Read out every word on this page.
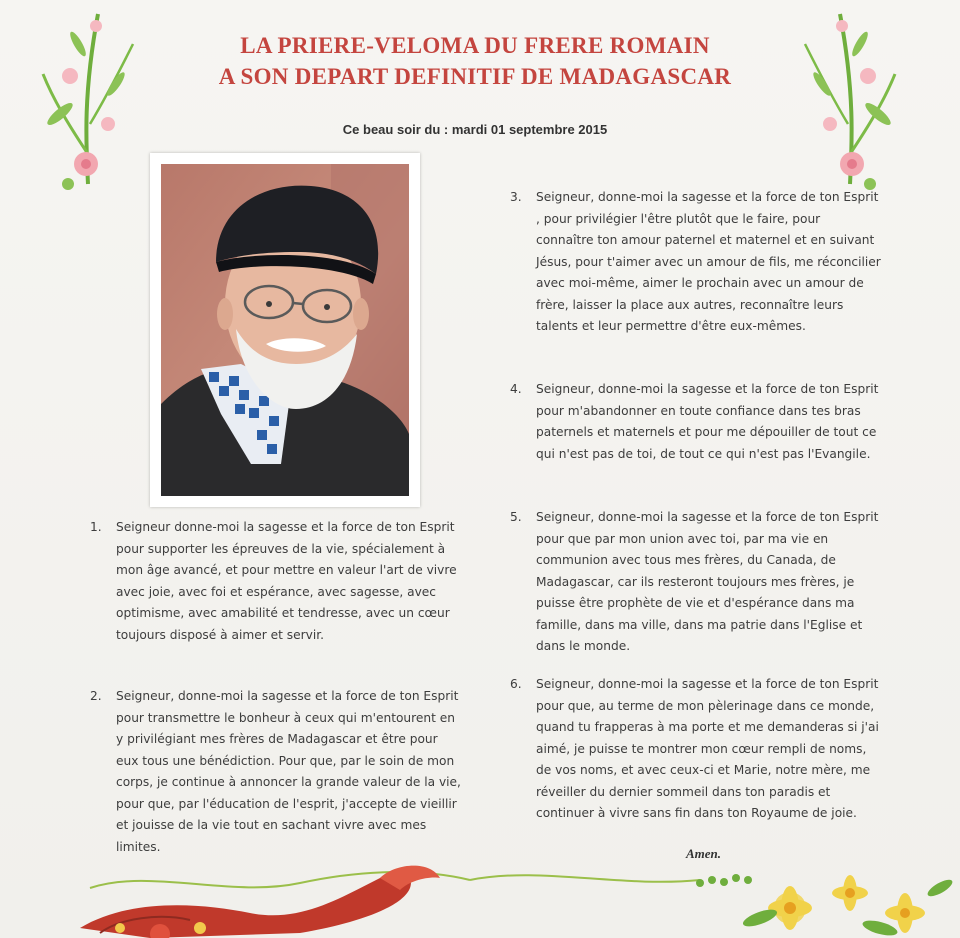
LA PRIERE-VELOMA DU FRERE ROMAIN
A SON DEPART DEFINITIF DE MADAGASCAR
Ce beau soir du : mardi 01 septembre 2015
1.	Seigneur donne-moi la sagesse et la force de ton Esprit pour supporter les épreuves de la vie, spécialement à mon âge avancé, et pour mettre en valeur l'art de vivre avec joie, avec foi et espérance, avec sagesse, avec optimisme, avec amabilité et tendresse, avec un cœur toujours disposé à aimer et servir.
2.	Seigneur, donne-moi la sagesse et la force de ton Esprit pour transmettre le bonheur à ceux qui m'entourent en y privilégiant mes frères de Madagascar et être pour eux tous une bénédiction. Pour que, par le soin de mon corps, je continue à annoncer la grande valeur de la vie, pour que, par l'éducation de l'esprit, j'accepte de vieillir et jouisse de la vie tout en sachant vivre avec mes limites.
3.	Seigneur, donne-moi la sagesse et la force de ton Esprit , pour privilégier l'être plutôt que le faire, pour connaître ton amour paternel et maternel et en suivant Jésus, pour t'aimer avec un amour de fils, me réconcilier avec moi-même, aimer le prochain avec un amour de frère, laisser la place aux autres, reconnaître leurs talents et leur permettre d'être eux-mêmes.
4.	Seigneur, donne-moi la sagesse et la force de ton Esprit pour m'abandonner en toute confiance dans tes bras paternels et maternels et pour me dépouiller de tout ce qui n'est pas de toi, de tout ce qui n'est pas l'Evangile.
5.	Seigneur, donne-moi la sagesse et la force de ton Esprit pour que par mon union avec toi, par ma vie en communion avec tous mes frères, du Canada, de Madagascar, car ils resteront toujours mes frères, je puisse être prophète de vie et d'espérance dans ma famille, dans ma ville, dans ma patrie dans l'Eglise et dans le monde.
6.	Seigneur, donne-moi la sagesse et la force de ton Esprit pour que, au terme de mon pèlerinage dans ce monde, quand tu frapperas à ma porte et me demanderas si j'ai aimé, je puisse te montrer mon cœur rempli de noms, de vos noms, et avec ceux-ci et Marie, notre mère, me réveiller du dernier sommeil dans ton paradis et continuer à vivre sans fin dans ton Royaume de joie.
Amen.
